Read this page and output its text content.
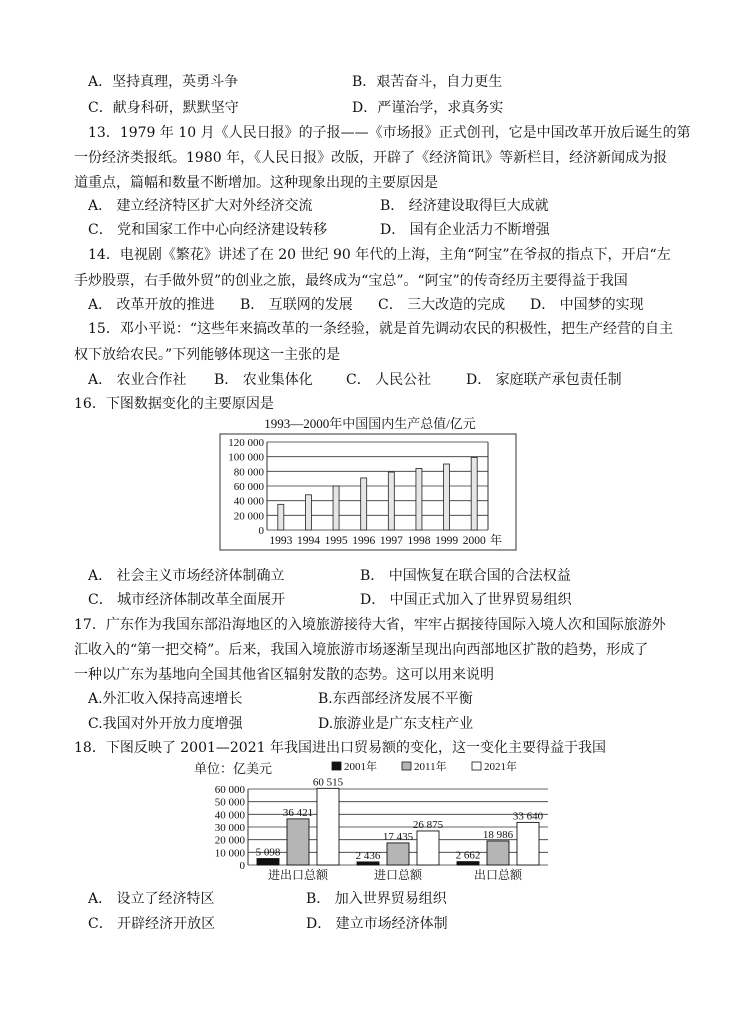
A．坚持真理，英勇斗争	B．艰苦奋斗，自力更生
C．献身科研，默默坚守	D．严谨治学，求真务实
13．1979 年 10 月《人民日报》的子报——《市场报》正式创刊，它是中国改革开放后诞生的第
一份经济类报纸。1980 年，《人民日报》改版，开辟了《经济简讯》等新栏目，经济新闻成为报
道重点，篇幅和数量不断增加。这种现象出现的主要原因是
A． 建立经济特区扩大对外经济交流	B． 经济建设取得巨大成就
C． 党和国家工作中心向经济建设转移	D． 国有企业活力不断增强
14．电视剧《繁花》讲述了在 20 世纪 90 年代的上海，主角“阿宝”在爷叔的指点下，开启“左
手炒股票，右手做外贸”的创业之旅，最终成为“宝总”。“阿宝”的传奇经历主要得益于我国
A． 改革开放的推进 B． 互联网的发展 C． 三大改造的完成 D． 中国梦的实现
15．邓小平说：“这些年来搞改革的一条经验，就是首先调动农民的积极性，把生产经营的自主
权下放给农民。”下列能够体现这一主张的是
A． 农业合作社 B． 农业集体化 C． 人民公社 D． 家庭联产承包责任制
16．下图数据变化的主要原因是
1993—2000年中国国内生产总值/亿元
0
20 000
40 000
60 000
80 000
100 000
120 000
1993 1994 1995 1996 1997 1998 1999 2000 年
A． 社会主义市场经济体制确立	B． 中国恢复在联合国的合法权益
C． 城市经济体制改革全面展开	D． 中国正式加入了世界贸易组织
17．广东作为我国东部沿海地区的入境旅游接待大省，牢牢占据接待国际入境人次和国际旅游外
汇收入的“第一把交椅”。后来，我国入境旅游市场逐渐呈现出向西部地区扩散的趋势，形成了
一种以广东为基地向全国其他省区辐射发散的态势。这可以用来说明
A.外汇收入保持高速增长	B.东西部经济发展不平衡
C.我国对外开放力度增强	D.旅游业是广东支柱产业
18．下图反映了 2001—2021 年我国进出口贸易额的变化，这一变化主要得益于我国
单位：亿美元	2001年	2011年	2021年
0
10 000
20 000
30 000
40 000
50 000
60 000
5 098
36 421
60 515
进出口总额
2 436
17 435
26 875
进口总额
2 662
18 986
33 640
出口总额
A． 设立了经济特区	B． 加入世界贸易组织
C． 开辟经济开放区	D． 建立市场经济体制
